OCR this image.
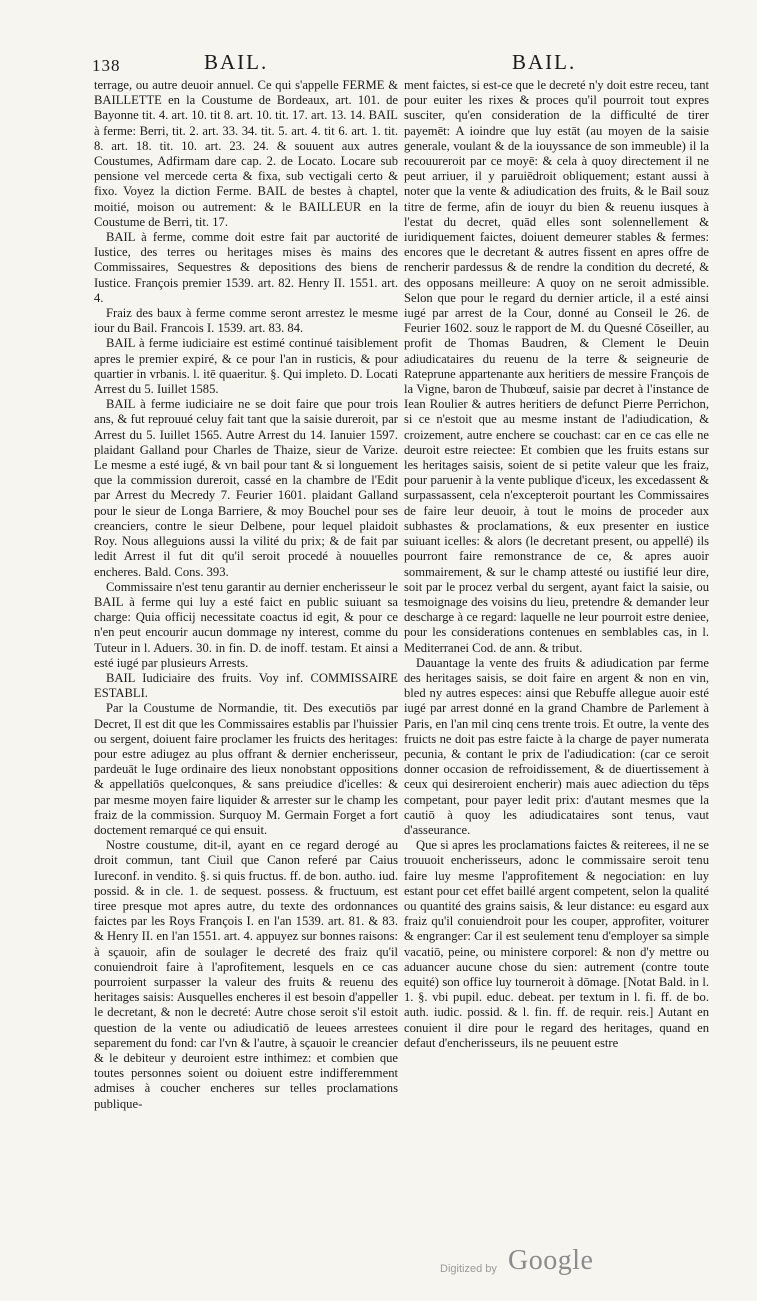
138	BAIL.	BAIL.

terrage, ou autre deuoir annuel. Ce qui s'appelle FERME & BAILLETTE en la Coustume de Bordeaux, art. 101. de Bayonne tit. 4. art. 10. tit 8. art. 10. tit. 17. art. 13. 14. BAIL à ferme: Berri, tit. 2. art. 33. 34. tit. 5. art. 4. tit 6. art. 1. tit. 8. art. 18. tit. 10. art. 23. 24. & souuent aux autres Coustumes, Adfirmam dare cap. 2. de Locato. Locare sub pensione vel mercede certa & fixa, sub vectigali certo & fixo. Voyez la diction Ferme. BAIL de bestes à chaptel, moitié, moison ou autrement: & le BAILLEUR en la Coustume de Berri, tit. 17.

BAIL à ferme, comme doit estre fait par auctorité de Iustice, des terres ou heritages mises ès mains des Commissaires, Sequestres & depositions des biens de Iustice. François premier 1539. art. 82. Henry II. 1551. art. 4.

Fraiz des baux à ferme comme seront arrestez le mesme iour du Bail. Francois I. 1539. art. 83. 84.

BAIL à ferme iudiciaire est estimé continué taisiblement apres le premier expiré, & ce pour l'an in rusticis, & pour quartier in vrbanis. l. itē quaeritur. §. Qui impleto. D. Locati Arrest du 5. Iuillet 1585.

BAIL à ferme iudiciaire ne se doit faire que pour trois ans, & fut reprouué celuy fait tant que la saisie dureroit, par Arrest du 5. Iuillet 1565. Autre Arrest du 14. Ianuier 1597. plaidant Galland pour Charles de Thaize, sieur de Varize. Le mesme a esté iugé, & vn bail pour tant & si longuement que la commission dureroit, cassé en la chambre de l'Edit par Arrest du Mecredy 7. Feurier 1601. plaidant Galland pour le sieur de Longa Barriere, & moy Bouchel pour ses creanciers, contre le sieur Delbene, pour lequel plaidoit Roy. Nous alleguions aussi la vilité du prix; & de fait par ledit Arrest il fut dit qu'il seroit procedé à nouuelles encheres. Bald. Cons. 393.

Commissaire n'est tenu garantir au dernier encherisseur le BAIL à ferme qui luy a esté faict en public suiuant sa charge: Quia officij necessitate coactus id egit, & pour ce n'en peut encourir aucun dommage ny interest, comme du Tuteur in l. Aduers. 30. in fin. D. de inoff. testam. Et ainsi a esté iugé par plusieurs Arrests.

BAIL Iudiciaire des fruits. Voy inf. COMMISSAIRE ESTABLI.

Par la Coustume de Normandie, tit. Des executiōs par Decret, Il est dit que les Commissaires establis par l'huissier ou sergent, doiuent faire proclamer les fruicts des heritages: pour estre adiugez au plus offrant & dernier encherisseur, pardeuāt le Iuge ordinaire des lieux nonobstant oppositions & appellatiōs quelconques, & sans preiudice d'icelles: & par mesme moyen faire liquider & arrester sur le champ les fraiz de la commission. Surquoy M. Germain Forget a fort doctement remarqué ce qui ensuit.

Nostre coustume, dit-il, ayant en ce regard derogé au droit commun, tant Ciuil que Canon referé par Caius Iureconf. in vendito. §. si quis fructus. ff. de bon. autho. iud. possid. & in cle. 1. de sequest. possess. & fructuum, est tiree presque mot apres autre, du texte des ordonnances faictes par les Roys François I. en l'an 1539. art. 81. & 83. & Henry II. en l'an 1551. art. 4. appuyez sur bonnes raisons: à sçauoir, afin de soulager le decreté des fraiz qu'il conuiendroit faire à l'aprofitement, lesquels en ce cas pourroient surpasser la valeur des fruits & reuenu des heritages saisis: Ausquelles encheres il est besoin d'appeller le decretant, & non le decreté: Autre chose seroit s'il estoit question de la vente ou adiudicatiō de leuees arrestees separement du fond: car l'vn & l'autre, à sçauoir le creancier & le debiteur y deuroient estre inthimez: et combien que toutes personnes soient ou doiuent estre indifferemment admises à coucher encheres sur telles proclamations publique-

ment faictes, si est-ce que le decreté n'y doit estre receu, tant pour euiter les rixes & proces qu'il pourroit tout expres susciter, qu'en consideration de la difficulté de tirer payemēt: A ioindre que luy estāt (au moyen de la saisie generale, voulant & de la iouyssance de son immeuble) il la recouureroit par ce moyē: & cela à quoy directement il ne peut arriuer, il y paruiēdroit obliquement; estant aussi à noter que la vente & adiudication des fruits, & le Bail souz titre de ferme, afin de iouyr du bien & reuenu iusques à l'estat du decret, quād elles sont solennellement & iuridiquement faictes, doiuent demeurer stables & fermes: encores que le decretant & autres fissent en apres offre de rencherir pardessus & de rendre la condition du decreté, & des opposans meilleure: A quoy on ne seroit admissible. Selon que pour le regard du dernier article, il a esté ainsi iugé par arrest de la Cour, donné au Conseil le 26. de Feurier 1602. souz le rapport de M. du Quesné Cōseiller, au profit de Thomas Baudren, & Clement le Deuin adiudicataires du reuenu de la terre & seigneurie de Rateprune appartenante aux heritiers de messire François de la Vigne, baron de Thubœuf, saisie par decret à l'instance de Iean Roulier & autres heritiers de defunct Pierre Perrichon, si ce n'estoit que au mesme instant de l'adiudication, & croizement, autre enchere se couchast: car en ce cas elle ne deuroit estre reiectee: Et combien que les fruits estans sur les heritages saisis, soient de si petite valeur que les fraiz, pour paruenir à la vente publique d'iceux, les excedassent & surpassassent, cela n'excepteroit pourtant les Commissaires de faire leur deuoir, à tout le moins de proceder aux subhastes & proclamations, & eux presenter en iustice suiuant icelles: & alors (le decretant present, ou appellé) ils pourront faire remonstrance de ce, & apres auoir sommairement, & sur le champ attesté ou iustifié leur dire, soit par le procez verbal du sergent, ayant faict la saisie, ou tesmoignage des voisins du lieu, pretendre & demander leur descharge à ce regard: laquelle ne leur pourroit estre deniee, pour les considerations contenues en semblables cas, in l. Mediterranei Cod. de ann. & tribut.

Dauantage la vente des fruits & adiudication par ferme des heritages saisis, se doit faire en argent & non en vin, bled ny autres especes: ainsi que Rebuffe allegue auoir esté iugé par arrest donné en la grand Chambre de Parlement à Paris, en l'an mil cinq cens trente trois. Et outre, la vente des fruicts ne doit pas estre faicte à la charge de payer numerata pecunia, & contant le prix de l'adiudication: (car ce seroit donner occasion de refroidissement, & de diuertissement à ceux qui desireroient encherir) mais auec adiection du tēps competant, pour payer ledit prix: d'autant mesmes que la cautiō à quoy les adiudicataires sont tenus, vaut d'asseurance.

Que si apres les proclamations faictes & reiterees, il ne se trouuoit encherisseurs, adonc le commissaire seroit tenu faire luy mesme l'approfitement & negociation: en luy estant pour cet effet baillé argent competent, selon la qualité ou quantité des grains saisis, & leur distance: eu esgard aux fraiz qu'il conuiendroit pour les couper, approfiter, voiturer & engranger: Car il est seulement tenu d'employer sa simple vacatiō, peine, ou ministere corporel: & non d'y mettre ou aduancer aucune chose du sien: autrement (contre toute equité) son office luy tourneroit à dōmage. [Notat Bald. in l. 1. §. vbi pupil. educ. debeat. per textum in l. fi. ff. de bo. auth. iudic. possid. & l. fin. ff. de requir. reis.] Autant en conuient il dire pour le regard des heritages, quand en defaut d'encherisseurs, ils ne peuuent estre

Digitized by Google
